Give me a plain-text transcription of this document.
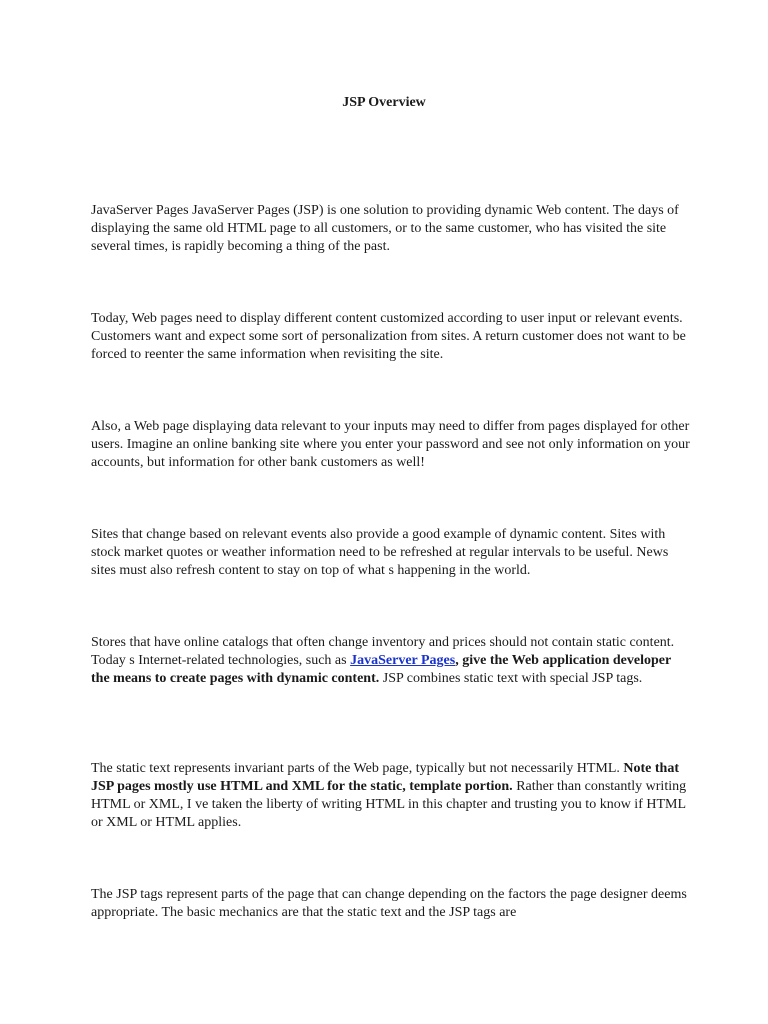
JSP Overview

JavaServer Pages JavaServer Pages (JSP) is one solution to providing dynamic Web content. The days of displaying the same old HTML page to all customers, or to the same customer, who has visited the site several times, is rapidly becoming a thing of the past.

Today, Web pages need to display different content customized according to user input or relevant events. Customers want and expect some sort of personalization from sites. A return customer does not want to be forced to reenter the same information when revisiting the site.

Also, a Web page displaying data relevant to your inputs may need to differ from pages displayed for other users. Imagine an online banking site where you enter your password and see not only information on your accounts, but information for other bank customers as well!

Sites that change based on relevant events also provide a good example of dynamic content. Sites with stock market quotes or weather information need to be refreshed at regular intervals to be useful. News sites must also refresh content to stay on top of what s happening in the world.

Stores that have online catalogs that often change inventory and prices should not contain static content. Today s Internet-related technologies, such as JavaServer Pages, give the Web application developer the means to create pages with dynamic content. JSP combines static text with special JSP tags.

The static text represents invariant parts of the Web page, typically but not necessarily HTML. Note that JSP pages mostly use HTML and XML for the static, template portion. Rather than constantly writing HTML or XML, I ve taken the liberty of writing HTML in this chapter and trusting you to know if HTML or XML or HTML applies.

The JSP tags represent parts of the page that can change depending on the factors the page designer deems appropriate. The basic mechanics are that the static text and the JSP tags are
